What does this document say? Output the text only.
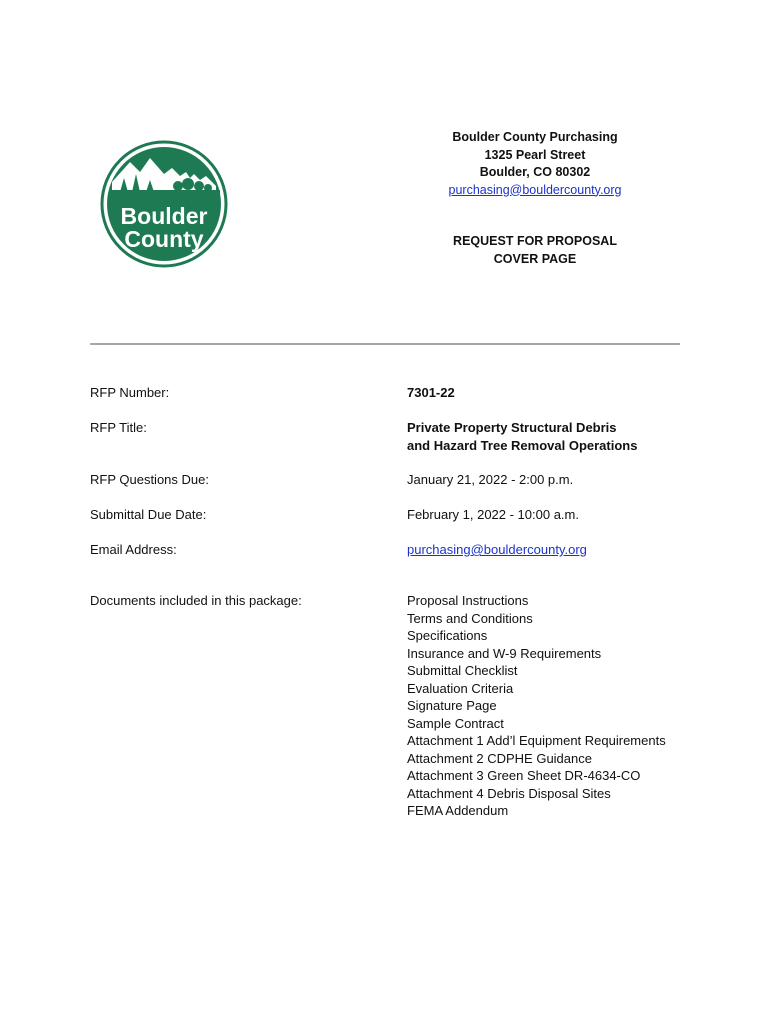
Boulder
County
Boulder County Purchasing
1325 Pearl Street
Boulder, CO 80302
purchasing@bouldercounty.org
REQUEST FOR PROPOSAL
COVER PAGE
RFP Number:	7301-22
RFP Title:	Private Property Structural Debris
and Hazard Tree Removal Operations
RFP Questions Due:	January 21, 2022 - 2:00 p.m.
Submittal Due Date:	February 1, 2022 - 10:00 a.m.
Email Address:	purchasing@bouldercounty.org
Documents included in this package:	Proposal Instructions
Terms and Conditions
Specifications
Insurance and W-9 Requirements
Submittal Checklist
Evaluation Criteria
Signature Page
Sample Contract
Attachment 1 Add’l Equipment Requirements
Attachment 2 CDPHE Guidance
Attachment 3 Green Sheet DR-4634-CO
Attachment 4 Debris Disposal Sites
FEMA Addendum
